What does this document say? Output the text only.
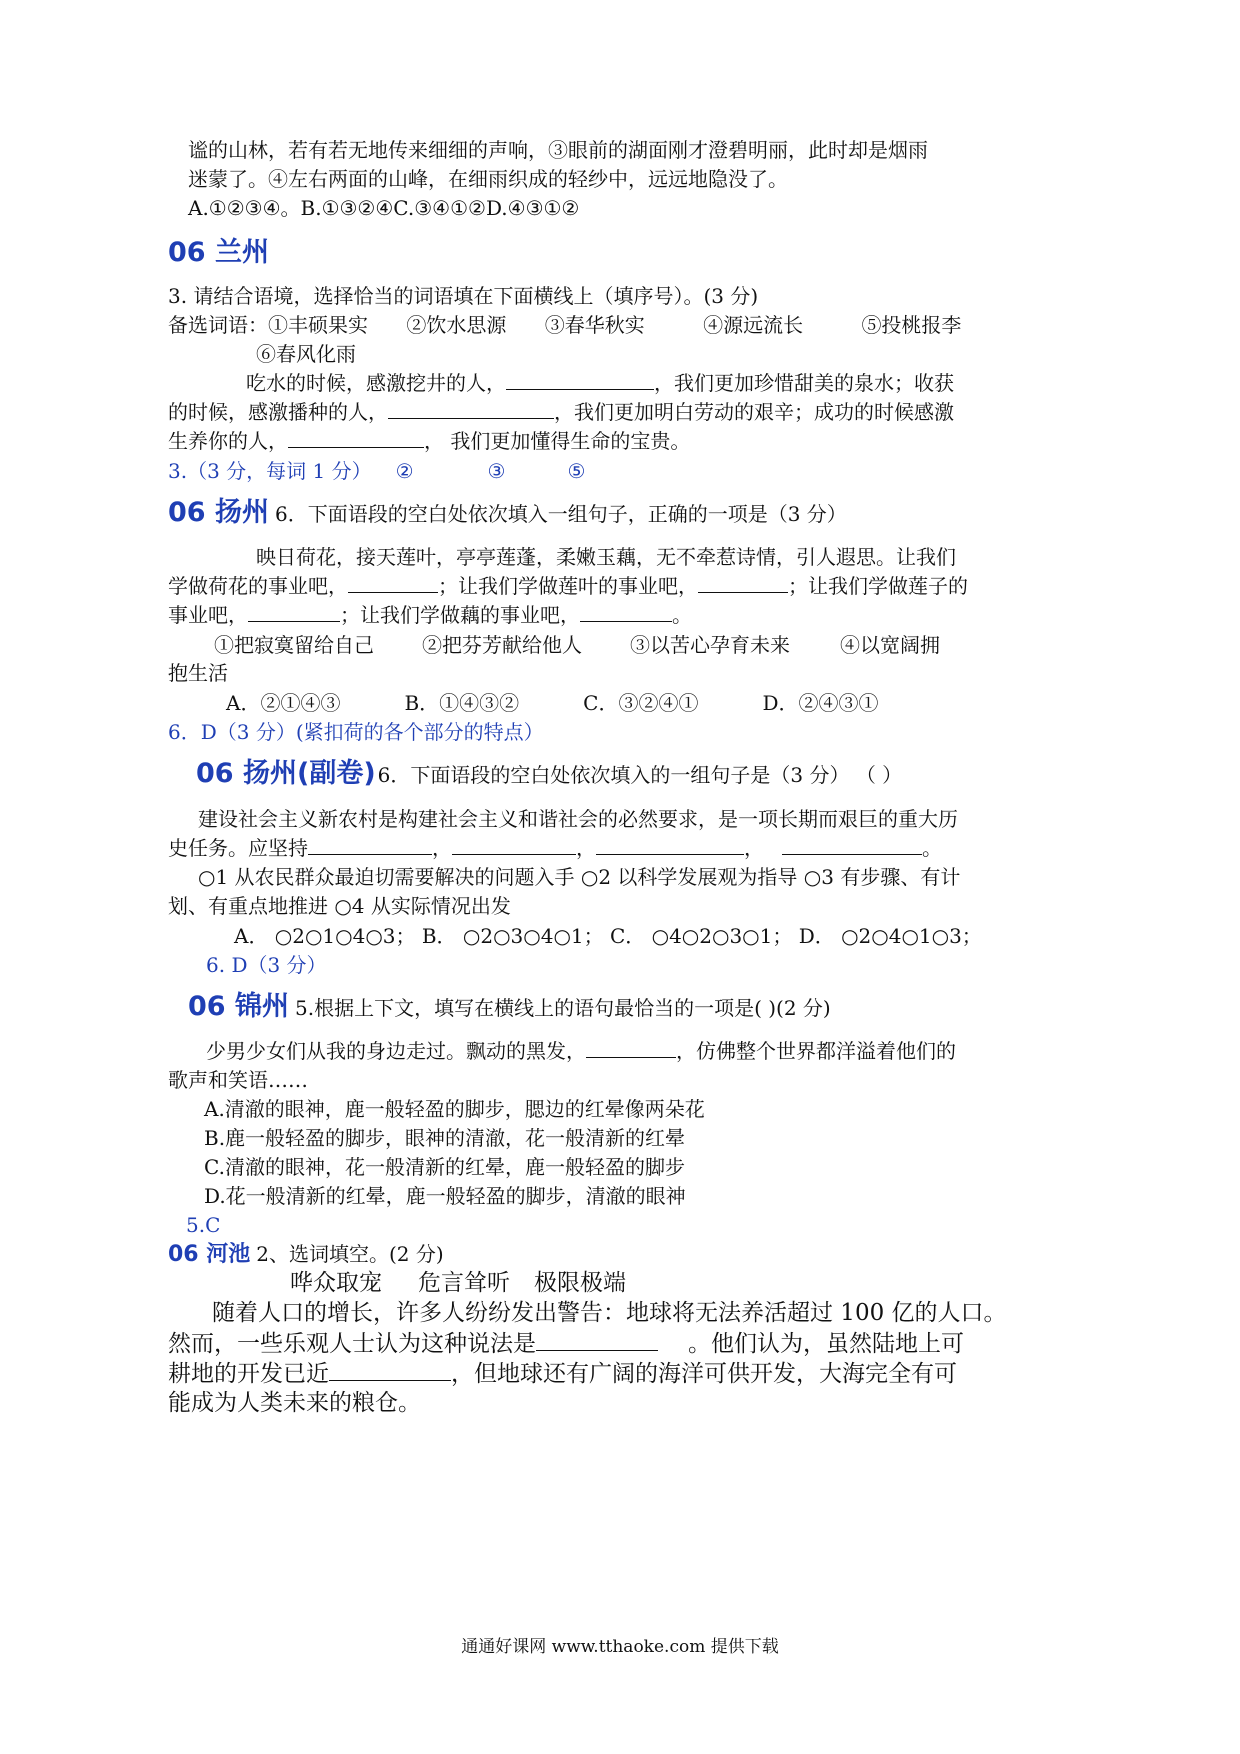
谧的山林，若有若无地传来细细的声响，③眼前的湖面刚才澄碧明丽，此时却是烟雨
迷蒙了。④左右两面的山峰，在细雨织成的轻纱中，远远地隐没了。
A.①②③④。B.①③②④C.③④①②D.④③①②
06 兰州
3. 请结合语境，选择恰当的词语填在下面横线上（填序号）。(3 分)
备选词语：①丰硕果实 ②饮水思源 ③春华秋实	④源远流长	⑤投桃报李
⑥春风化雨
吃水的时候，感激挖井的人，	，我们更加珍惜甜美的泉水；收获
的时候，感激播种的人，	，我们更加明白劳动的艰辛；成功的时候感激
生养你的人，	， 我们更加懂得生命的宝贵。
3.（3 分，每词 1 分） ②	③	⑤
06 扬州 6．下面语段的空白处依次填入一组句子，正确的一项是（3 分）
映日荷花，接天莲叶，亭亭莲蓬，柔嫩玉藕，无不牵惹诗情，引人遐思。让我们
学做荷花的事业吧，	；让我们学做莲叶的事业吧，	；让我们学做莲子的
事业吧，	；让我们学做藕的事业吧，	。
①把寂寞留给自己 ②把芬芳献给他人 ③以苦心孕育未来	④以宽阔拥
抱生活
A．②①④③	B．①④③②	C．③②④①	D．②④③①
6．D（3 分）(紧扣荷的各个部分的特点）
06 扬州(副卷) 6．下面语段的空白处依次填入的一组句子是（3 分） （ ）
建设社会主义新农村是构建社会主义和谐社会的必然要求，是一项长期而艰巨的重大历
史任务。应坚持	，	，	，	。
○1 从农民群众最迫切需要解决的问题入手 ○2 以科学发展观为指导 ○3 有步骤、有计
划、有重点地推进 ○4 从实际情况出发
A． ○2○1○4○3； B． ○2○3○4○1； C． ○4○2○3○1； D． ○2○4○1○3；
6. D（3 分）
06 锦州 5.根据上下文，填写在横线上的语句最恰当的一项是( )(2 分)
少男少女们从我的身边走过。飘动的黑发，	，仿佛整个世界都洋溢着他们的
歌声和笑语……
A.清澈的眼神，鹿一般轻盈的脚步，腮边的红晕像两朵花
B.鹿一般轻盈的脚步，眼神的清澈，花一般清新的红晕
C.清澈的眼神，花一般清新的红晕，鹿一般轻盈的脚步
D.花一般清新的红晕，鹿一般轻盈的脚步，清澈的眼神
5.C
06 河池 2、选词填空。(2 分)
哗众取宠 危言耸听 极限极端
随着人口的增长，许多人纷纷发出警告：地球将无法养活超过 100 亿的人口。
然而，一些乐观人士认为这种说法是	。他们认为，虽然陆地上可
耕地的开发已近	，但地球还有广阔的海洋可供开发，大海完全有可
能成为人类未来的粮仓。
通通好课网 www.tthaoke.com 提供下载
